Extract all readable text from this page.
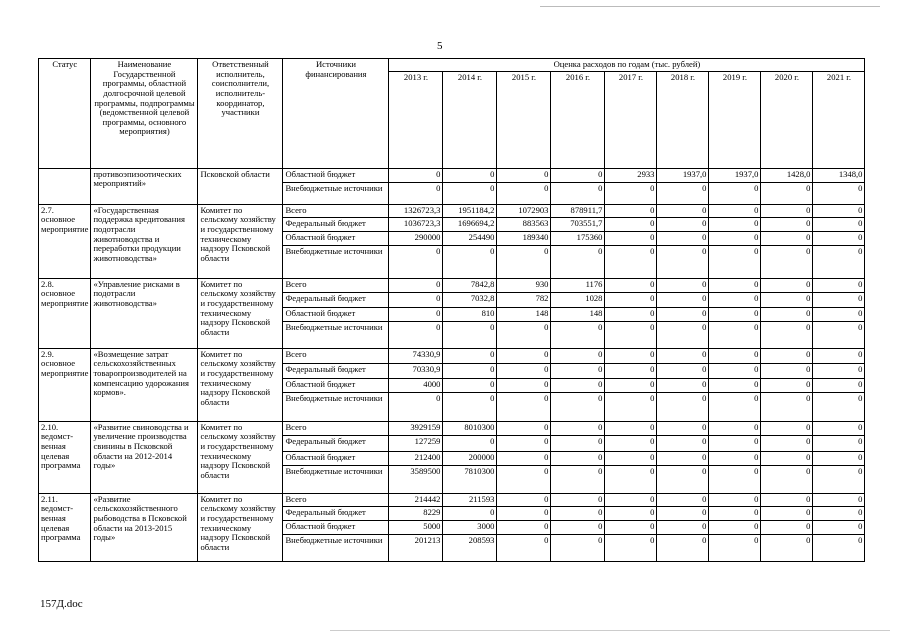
5
Статус	Наименование Государственной программы, областной долгосрочной целевой программы, подпрограммы (ведомственной целевой программы, основного мероприятия)	Ответственный исполнитель, соисполнители, исполнитель-координатор, участники	Источники финансирования	Оценка расходов по годам (тыс. рублей)								
				2013 г.	2014 г.	2015 г.	2016 г.	2017 г.	2018 г.	2019 г.	2020 г.	2021 г.
	противоэпизоотических мероприятий»	Псковской области	Областной бюджет	0	0	0	0	2933	1937,0	1937,0	1428,0	1348,0
			Внебюджетные источники	0	0	0	0	0	0	0	0	0
2.7. основное мероприятие	«Государственная поддержка кредитования подотрасли животноводства и переработки продукции животноводства»	Комитет по сельскому хозяйству и государственному техническому надзору Псковской области	Всего	1326723,3	1951184,2	1072903	878911,7	0	0	0	0	0
			Федеральный бюджет	1036723,3	1696694,2	883563	703551,7	0	0	0	0	0
			Областной бюджет	290000	254490	189340	175360	0	0	0	0	0
			Внебюджетные источники	0	0	0	0	0	0	0	0	0
2.8. основное мероприятие	«Управление рисками в подотрасли животноводства»	Комитет по сельскому хозяйству и государственному техническому надзору Псковской области	Всего	0	7842,8	930	1176	0	0	0	0	0
			Федеральный бюджет	0	7032,8	782	1028	0	0	0	0	0
			Областной бюджет	0	810	148	148	0	0	0	0	0
			Внебюджетные источники	0	0	0	0	0	0	0	0	0
2.9. основное мероприятие	«Возмещение затрат сельскохозяйственных товаропроизводителей на компенсацию удорожания кормов».	Комитет по сельскому хозяйству и государственному техническому надзору Псковской области	Всего	74330,9	0	0	0	0	0	0	0	0
			Федеральный бюджет	70330,9	0	0	0	0	0	0	0	0
			Областной бюджет	4000	0	0	0	0	0	0	0	0
			Внебюджетные источники	0	0	0	0	0	0	0	0	0
2.10. ведомст-венная целевая программа	«Развитие свиноводства и увеличение производства свинины в Псковской области на 2012-2014 годы»	Комитет по сельскому хозяйству и государственному техническому надзору Псковской области	Всего	3929159	8010300	0	0	0	0	0	0	0
			Федеральный бюджет	127259	0	0	0	0	0	0	0	0
			Областной бюджет	212400	200000	0	0	0	0	0	0	0
			Внебюджетные источники	3589500	7810300	0	0	0	0	0	0	0
2.11. ведомст-венная целевая программа	«Развитие сельскохозяйственного рыбоводства в Псковской области на 2013-2015 годы»	Комитет по сельскому хозяйству и государственному техническому надзору Псковской области	Всего	214442	211593	0	0	0	0	0	0	0
			Федеральный бюджет	8229	0	0	0	0	0	0	0	0
			Областной бюджет	5000	3000	0	0	0	0	0	0	0
			Внебюджетные источники	201213	208593	0	0	0	0	0	0	0
157Д.doc
